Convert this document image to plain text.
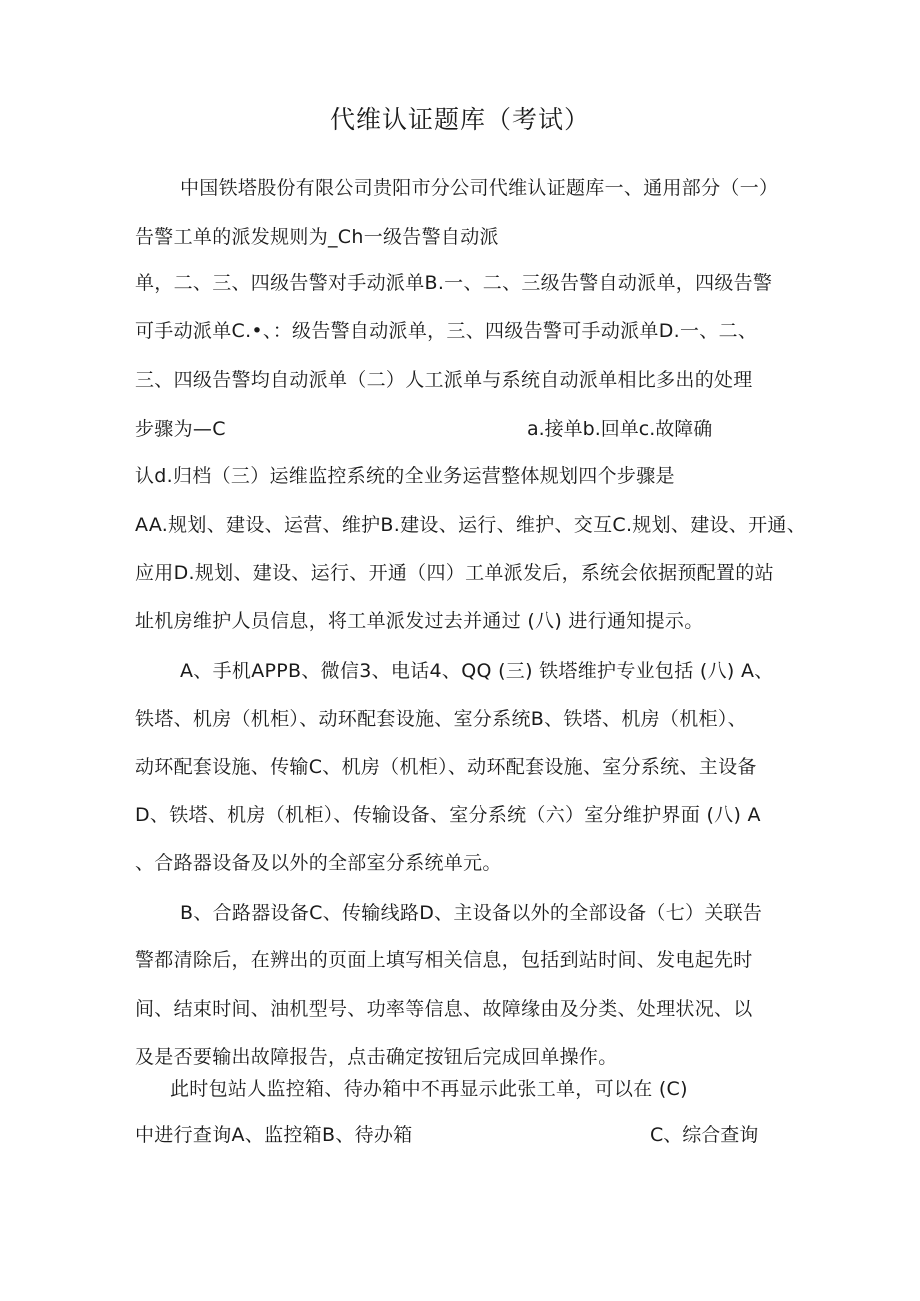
代维认证题库（考试）
中国铁塔股份有限公司贵阳市分公司代维认证题库一、通用部分（一）
告警工单的派发规则为_Ch一级告警自动派
单，二、三、四级告警对手动派单B.一、二、三级告警自动派单，四级告警
可手动派单C.•、：级告警自动派单，三、四级告警可手动派单D.一、二、
三、四级告警均自动派单（二）人工派单与系统自动派单相比多出的处理
步骤为—C	a.接单b.回单c.故障确
认d.归档（三）运维监控系统的全业务运营整体规划四个步骤是
AA.规划、建设、运营、维护B.建设、运行、维护、交互C.规划、建设、开通、
应用D.规划、建设、运行、开通（四）工单派发后，系统会依据预配置的站
址机房维护人员信息，将工单派发过去并通过 (八) 进行通知提示。
A、手机APPB、微信3、电话4、QQ (三) 铁塔维护专业包括 (八) A、
铁塔、机房（机柜）、动环配套设施、室分系统B、铁塔、机房（机柜）、
动环配套设施、传输C、机房（机柜）、动环配套设施、室分系统、主设备
D、铁塔、机房（机柜）、传输设备、室分系统（六）室分维护界面 (八) A
、合路器设备及以外的全部室分系统单元。
B、合路器设备C、传输线路D、主设备以外的全部设备（七）关联告
警都清除后，在辨出的页面上填写相关信息，包括到站时间、发电起先时
间、结束时间、油机型号、功率等信息、故障缘由及分类、处理状况、以
及是否要输出故障报告，点击确定按钮后完成回单操作。
此时包站人监控箱、待办箱中不再显示此张工单，可以在 (C)
中进行查询A、监控箱B、待办箱	C、综合查询
